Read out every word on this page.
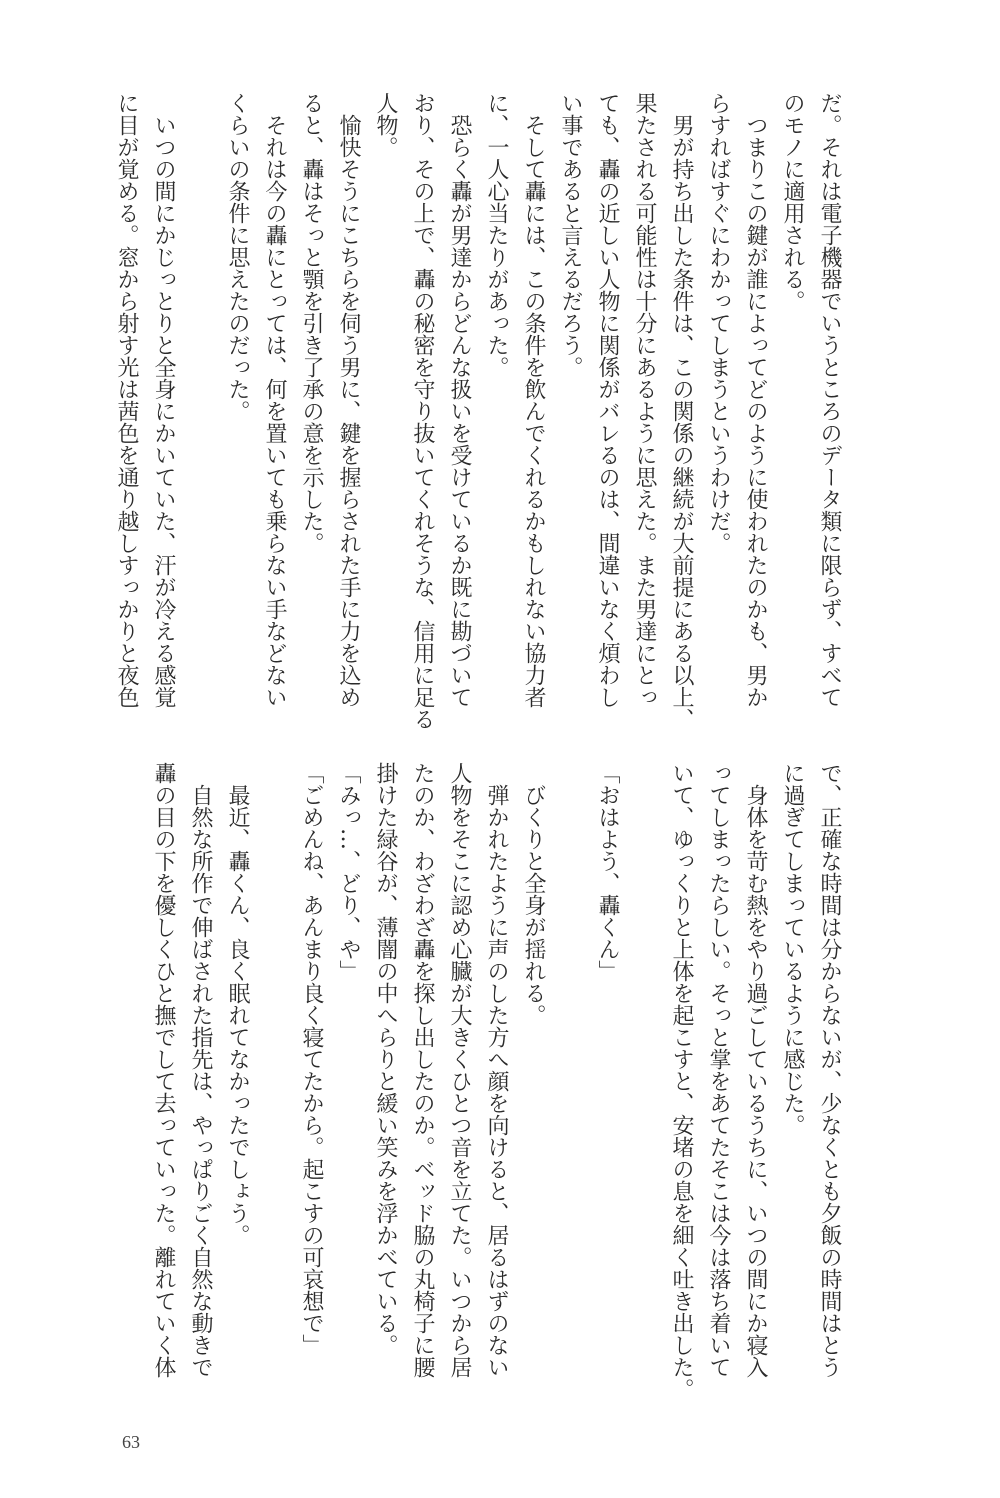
だ。それは電子機器でいうところのデータ類に限らず、すべて
のモノに適用される。
　つまりこの鍵が誰によってどのように使われたのかも、男か
らすればすぐにわかってしまうというわけだ。
　男が持ち出した条件は、この関係の継続が大前提にある以上、
果たされる可能性は十分にあるように思えた。また男達にとっ
ても、轟の近しい人物に関係がバレるのは、間違いなく煩わし
い事であると言えるだろう。
　そして轟には、この条件を飲んでくれるかもしれない協力者
に、一人心当たりがあった。
　恐らく轟が男達からどんな扱いを受けているか既に勘づいて
おり、その上で、轟の秘密を守り抜いてくれそうな、信用に足る
人物。
　愉快そうにこちらを伺う男に、鍵を握らされた手に力を込め
ると、轟はそっと顎を引き了承の意を示した。
　それは今の轟にとっては、何を置いても乗らない手などない
くらいの条件に思えたのだった。

　いつの間にかじっとりと全身にかいていた、汗が冷える感覚
に目が覚める。窓から射す光は茜色を通り越しすっかりと夜色
で、正確な時間は分からないが、少なくとも夕飯の時間はとう
に過ぎてしまっているように感じた。
　身体を苛む熱をやり過ごしているうちに、いつの間にか寝入
ってしまったらしい。そっと掌をあてたそこは今は落ち着いて
いて、ゆっくりと上体を起こすと、安堵の息を細く吐き出した。

「おはよう、轟くん」

　びくりと全身が揺れる。
　弾かれたように声のした方へ顔を向けると、居るはずのない
人物をそこに認め心臓が大きくひとつ音を立てた。いつから居
たのか、わざわざ轟を探し出したのか。ベッド脇の丸椅子に腰
掛けた緑谷が、薄闇の中へらりと緩い笑みを浮かべている。
「みっ…、どり、や」
「ごめんね、あんまり良く寝てたから。起こすの可哀想で」

　最近、轟くん、良く眠れてなかったでしょう。
　自然な所作で伸ばされた指先は、やっぱりごく自然な動きで
轟の目の下を優しくひと撫でして去っていった。離れていく体
63
